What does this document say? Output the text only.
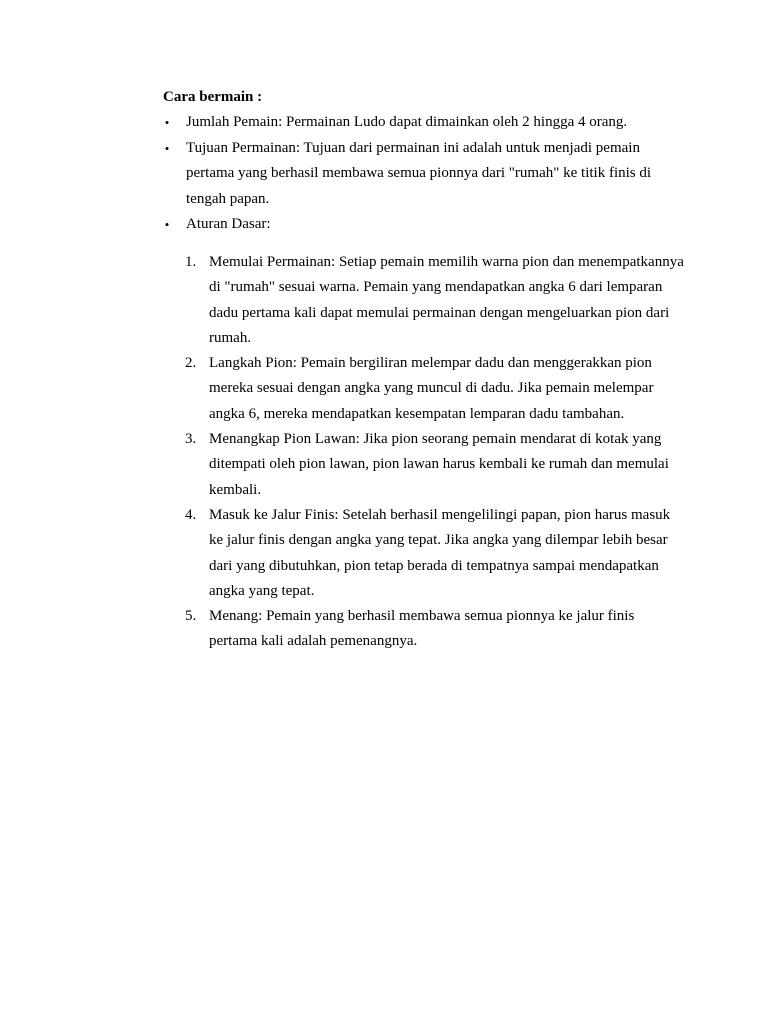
Cara bermain :
•	Jumlah Pemain: Permainan Ludo dapat dimainkan oleh 2 hingga 4 orang.
•	Tujuan Permainan: Tujuan dari permainan ini adalah untuk menjadi pemain pertama yang berhasil membawa semua pionnya dari "rumah" ke titik finis di tengah papan.
•	Aturan Dasar:
1. Memulai Permainan: Setiap pemain memilih warna pion dan menempatkannya di "rumah" sesuai warna. Pemain yang mendapatkan angka 6 dari lemparan dadu pertama kali dapat memulai permainan dengan mengeluarkan pion dari rumah.
2. Langkah Pion: Pemain bergiliran melempar dadu dan menggerakkan pion mereka sesuai dengan angka yang muncul di dadu. Jika pemain melempar angka 6, mereka mendapatkan kesempatan lemparan dadu tambahan.
3. Menangkap Pion Lawan: Jika pion seorang pemain mendarat di kotak yang ditempati oleh pion lawan, pion lawan harus kembali ke rumah dan memulai kembali.
4. Masuk ke Jalur Finis: Setelah berhasil mengelilingi papan, pion harus masuk ke jalur finis dengan angka yang tepat. Jika angka yang dilempar lebih besar dari yang dibutuhkan, pion tetap berada di tempatnya sampai mendapatkan angka yang tepat.
5. Menang: Pemain yang berhasil membawa semua pionnya ke jalur finis pertama kali adalah pemenangnya.
